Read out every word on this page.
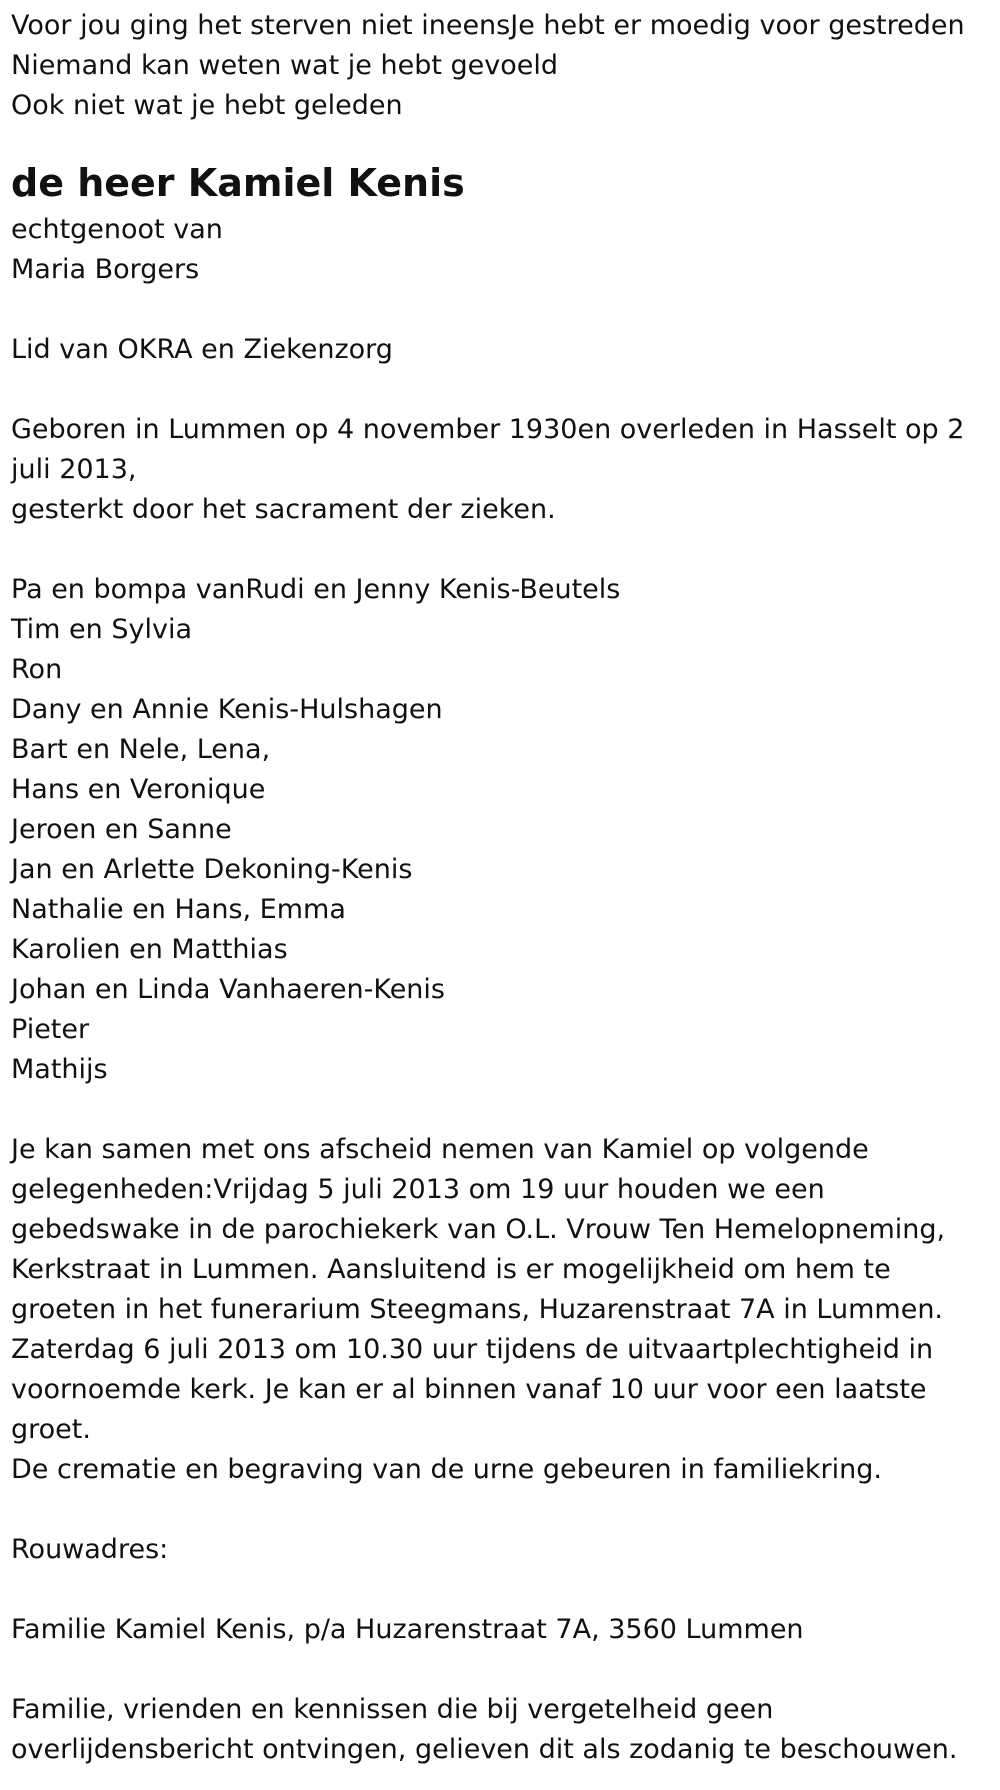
Voor jou ging het sterven niet ineensJe hebt er moedig voor gestreden

Niemand kan weten wat je hebt gevoeld

Ook niet wat je hebt geleden

de heer Kamiel Kenis

echtgenoot van

Maria Borgers

Lid van OKRA en Ziekenzorg

Geboren in Lummen op 4 november 1930en overleden in Hasselt op 2 juli 2013,

gesterkt door het sacrament der zieken.

Pa en bompa vanRudi en Jenny Kenis-Beutels

Tim en Sylvia

Ron

Dany en Annie Kenis-Hulshagen

Bart en Nele, Lena,

Hans en Veronique

Jeroen en Sanne

Jan en Arlette Dekoning-Kenis

Nathalie en Hans, Emma

Karolien en Matthias

Johan en Linda Vanhaeren-Kenis

Pieter

Mathijs

Je kan samen met ons afscheid nemen van Kamiel op volgende gelegenheden:Vrijdag 5 juli 2013 om 19 uur houden we een gebedswake in de parochiekerk van O.L. Vrouw Ten Hemelopneming, Kerkstraat in Lummen. Aansluitend is er mogelijkheid om hem te groeten in het funerarium Steegmans, Huzarenstraat 7A in Lummen.

Zaterdag 6 juli 2013 om 10.30 uur tijdens de uitvaartplechtigheid in voornoemde kerk. Je kan er al binnen vanaf 10 uur voor een laatste groet.

De crematie en begraving van de urne gebeuren in familiekring.

Rouwadres:

Familie Kamiel Kenis, p/a Huzarenstraat 7A, 3560 Lummen

Familie, vrienden en kennissen die bij vergetelheid geen overlijdensbericht ontvingen, gelieven dit als zodanig te beschouwen.
